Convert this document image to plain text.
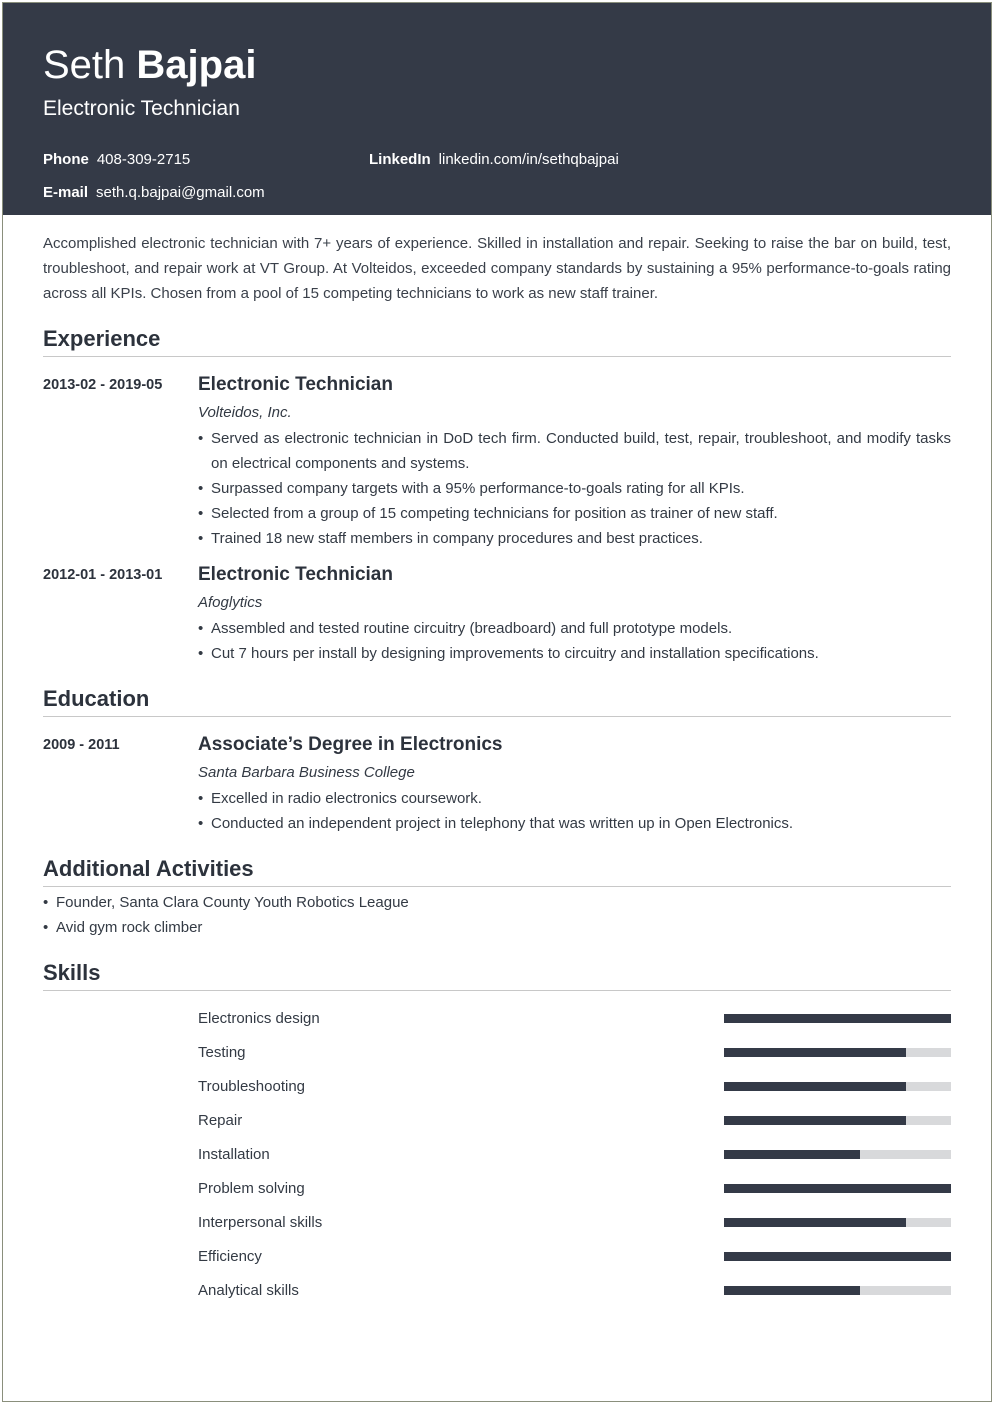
Seth Bajpai
Electronic Technician
Phone 408-309-2715	LinkedIn linkedin.com/in/sethqbajpai
E-mail seth.q.bajpai@gmail.com
Accomplished electronic technician with 7+ years of experience. Skilled in installation and repair. Seeking to raise the bar on build, test, troubleshoot, and repair work at VT Group. At Volteidos, exceeded company standards by sustaining a 95% performance-to-goals rating across all KPIs. Chosen from a pool of 15 competing technicians to work as new staff trainer.
Experience
2013-02 - 2019-05	Electronic Technician
Volteidos, Inc.
• Served as electronic technician in DoD tech firm. Conducted build, test, repair, troubleshoot, and modify tasks on electrical components and systems.
• Surpassed company targets with a 95% performance-to-goals rating for all KPIs.
• Selected from a group of 15 competing technicians for position as trainer of new staff.
• Trained 18 new staff members in company procedures and best practices.
2012-01 - 2013-01	Electronic Technician
Afoglytics
• Assembled and tested routine circuitry (breadboard) and full prototype models.
• Cut 7 hours per install by designing improvements to circuitry and installation specifications.
Education
2009 - 2011	Associate’s Degree in Electronics
Santa Barbara Business College
• Excelled in radio electronics coursework.
• Conducted an independent project in telephony that was written up in Open Electronics.
Additional Activities
• Founder, Santa Clara County Youth Robotics League
• Avid gym rock climber
Skills
Electronics design
Testing
Troubleshooting
Repair
Installation
Problem solving
Interpersonal skills
Efficiency
Analytical skills
